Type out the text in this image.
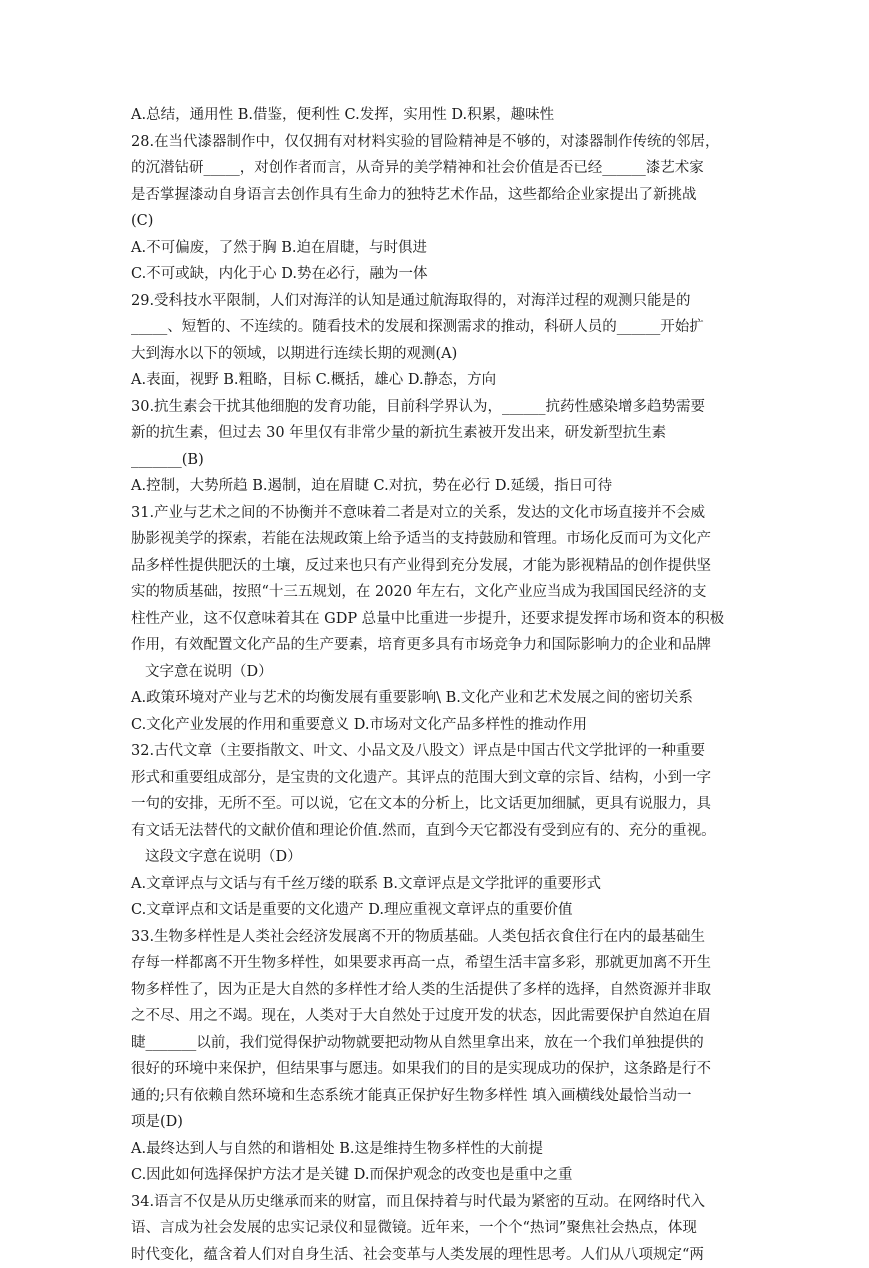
A.总结，通用性 B.借鉴，便利性 C.发挥，实用性 D.积累，趣味性
28.在当代漆器制作中，仅仅拥有对材料实验的冒险精神是不够的，对漆器制作传统的邻居，
的沉潜钻研_____，对创作者而言，从奇异的美学精神和社会价值是否已经______漆艺术家
是否掌握漆动自身语言去创作具有生命力的独特艺术作品，这些都给企业家提出了新挑战
(C)
A.不可偏废，了然于胸 B.迫在眉睫，与时俱进
C.不可或缺，内化于心 D.势在必行，融为一体
29.受科技水平限制，人们对海洋的认知是通过航海取得的，对海洋过程的观测只能是的
_____、短暂的、不连续的。随看技术的发展和探测需求的推动，科研人员的______开始扩
大到海水以下的领域，以期进行连续长期的观测(A)
A.表面，视野 B.粗略，目标 C.概括，雄心 D.静态，方向
30.抗生素会干扰其他细胞的发育功能，目前科学界认为，______抗药性感染增多趋势需要
新的抗生素，但过去 30 年里仅有非常少量的新抗生素被开发出来，研发新型抗生素
_______(B)
A.控制，大势所趋 B.遏制，迫在眉睫 C.对抗，势在必行 D.延缓，指日可待
31.产业与艺术之间的不协衡并不意味着二者是对立的关系，发达的文化市场直接并不会威
胁影视美学的探索，若能在法规政策上给予适当的支持鼓励和管理。市场化反而可为文化产
品多样性提供肥沃的土壤，反过来也只有产业得到充分发展，才能为影视精品的创作提供坚
实的物质基础，按照“十三五规划，在 2020 年左右，文化产业应当成为我国国民经济的支
柱性产业，这不仅意味着其在 GDP 总量中比重进一步提升，还要求提发挥市场和资本的积极
作用，有效配置文化产品的生产要素，培育更多具有市场竞争力和国际影响力的企业和品牌
文字意在说明（D）
A.政策环境对产业与艺术的均衡发展有重要影响\ B.文化产业和艺术发展之间的密切关系
C.文化产业发展的作用和重要意义 D.市场对文化产品多样性的推动作用
32.古代文章（主要指散文、叶文、小品文及八股文）评点是中国古代文学批评的一种重要
形式和重要组成部分，是宝贵的文化遗产。其评点的范围大到文章的宗旨、结构，小到一字
一句的安排，无所不至。可以说，它在文本的分析上，比文话更加细腻，更具有说服力，具
有文话无法替代的文献价值和理论价值.然而，直到今天它都没有受到应有的、充分的重视。
这段文字意在说明（D）
A.文章评点与文话与有千丝万缕的联系 B.文章评点是文学批评的重要形式
C.文章评点和文话是重要的文化遗产 D.理应重视文章评点的重要价值
33.生物多样性是人类社会经济发展离不开的物质基础。人类包括衣食住行在内的最基础生
存每一样都离不开生物多样性，如果要求再高一点，希望生活丰富多彩，那就更加离不开生
物多样性了，因为正是大自然的多样性才给人类的生活提供了多样的选择，自然资源并非取
之不尽、用之不竭。现在，人类对于大自然处于过度开发的状态，因此需要保护自然迫在眉
睫_______以前，我们觉得保护动物就要把动物从自然里拿出来，放在一个我们单独提供的
很好的环境中来保护，但结果事与愿违。如果我们的目的是实现成功的保护，这条路是行不
通的;只有依赖自然环境和生态系统才能真正保护好生物多样性 填入画横线处最恰当动一
项是(D)
A.最终达到人与自然的和谐相处 B.这是维持生物多样性的大前提
C.因此如何选择保护方法才是关键 D.而保护观念的改变也是重中之重
34.语言不仅是从历史继承而来的财富，而且保持着与时代最为紧密的互动。在网络时代入
语、言成为社会发展的忠实记录仪和显微镜。近年来，一个个“热词”聚焦社会热点，体现
时代变化，蕴含着人们对自身生活、社会变革与人类发展的理性思考。人们从八项规定“两
